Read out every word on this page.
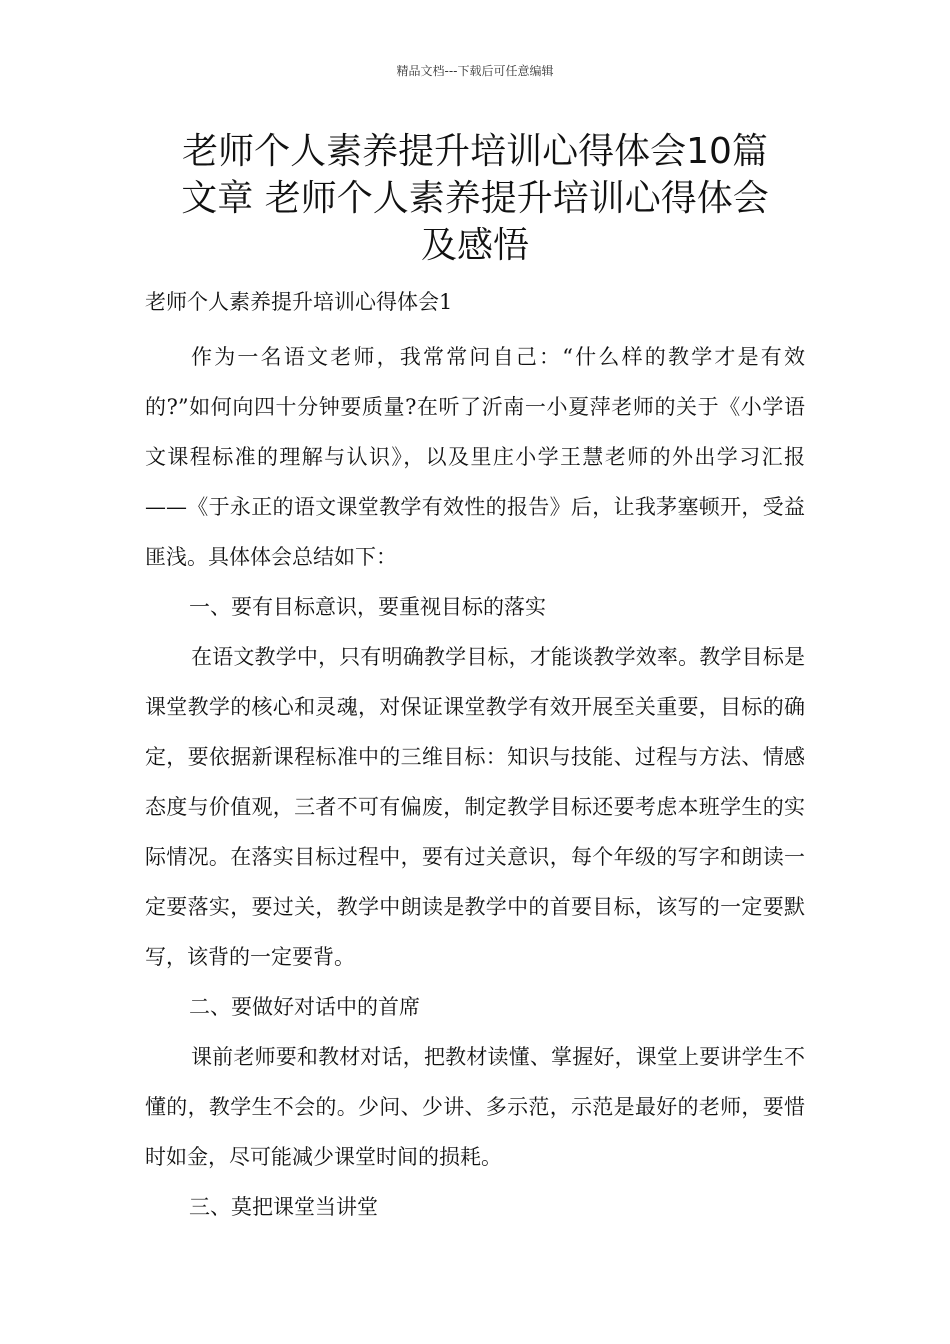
精品文档---下载后可任意编辑
老师个人素养提升培训心得体会10篇
文章 老师个人素养提升培训心得体会
及感悟

老师个人素养提升培训心得体会1

作为一名语文老师，我常常问自己：“什么样的教学才是有效的?”如何向四十分钟要质量?在听了沂南一小夏萍老师的关于《小学语文课程标准的理解与认识》，以及里庄小学王慧老师的外出学习汇报——《于永正的语文课堂教学有效性的报告》后，让我茅塞顿开，受益匪浅。具体体会总结如下：

一、要有目标意识，要重视目标的落实

在语文教学中，只有明确教学目标，才能谈教学效率。教学目标是课堂教学的核心和灵魂，对保证课堂教学有效开展至关重要，目标的确定，要依据新课程标准中的三维目标：知识与技能、过程与方法、情感态度与价值观，三者不可有偏废，制定教学目标还要考虑本班学生的实际情况。在落实目标过程中，要有过关意识，每个年级的写字和朗读一定要落实，要过关，教学中朗读是教学中的首要目标，该写的一定要默写，该背的一定要背。

二、要做好对话中的首席

课前老师要和教材对话，把教材读懂、掌握好，课堂上要讲学生不懂的，教学生不会的。少问、少讲、多示范，示范是最好的老师，要惜时如金，尽可能减少课堂时间的损耗。

三、莫把课堂当讲堂
